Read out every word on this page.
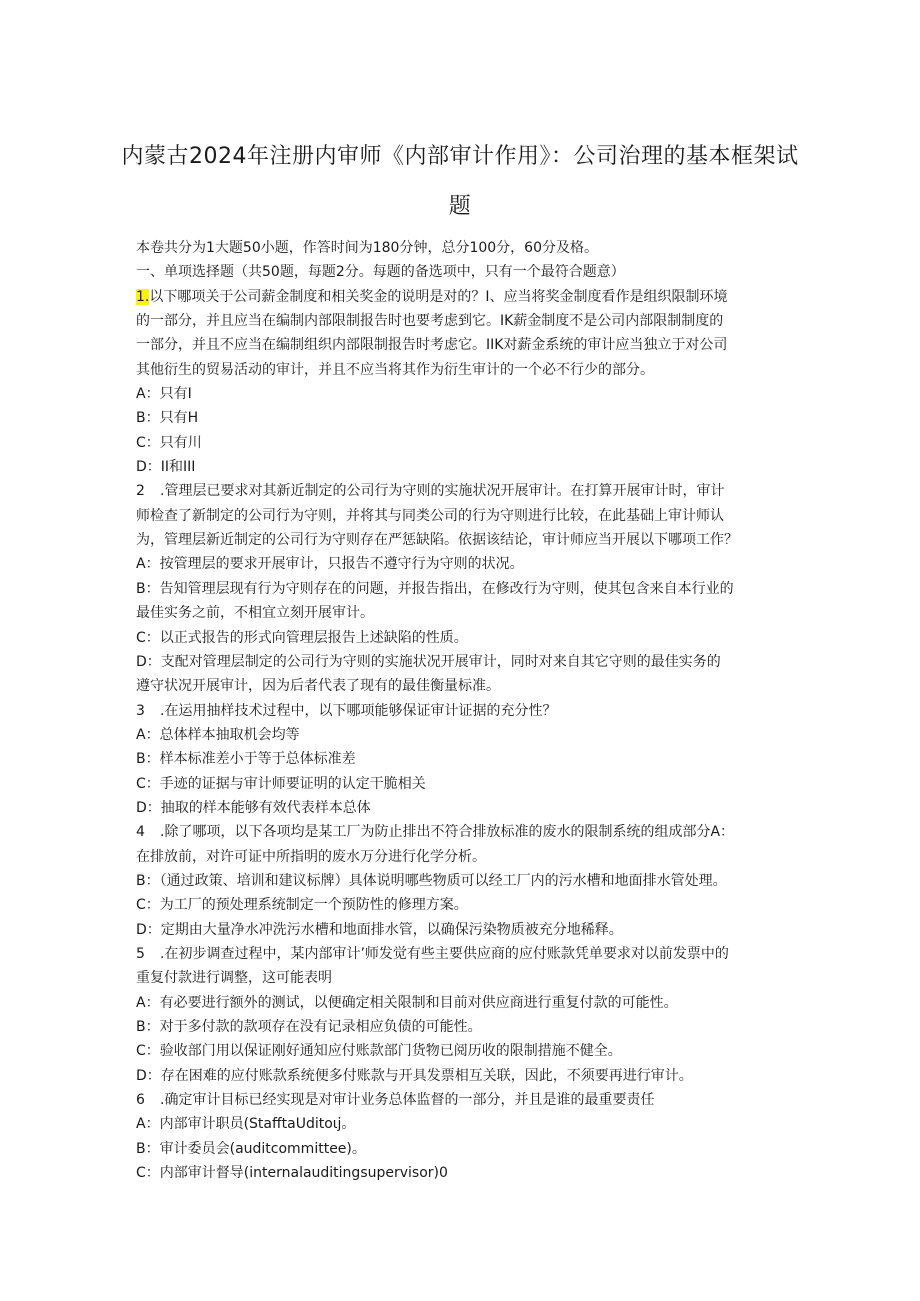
内蒙古2024年注册内审师《内部审计作用》：公司治理的基本框架试
题
本卷共分为1大题50小题，作答时间为180分钟，总分100分，60分及格。
一、单项选择题（共50题，每题2分。每题的备选项中，只有一个最符合题意）
1.以下哪项关于公司薪金制度和相关奖金的说明是对的？I、应当将奖金制度看作是组织限制环境
的一部分，并且应当在编制内部限制报告时也要考虑到它。IK薪金制度不是公司内部限制制度的
一部分，并且不应当在编制组织内部限制报告时考虑它。IIK对薪金系统的审计应当独立于对公司
其他衍生的贸易活动的审计，并且不应当将其作为衍生审计的一个必不行少的部分。
A：只有I
B：只有H
C：只有川
D：II和III
2 .管理层已要求对其新近制定的公司行为守则的实施状况开展审计。在打算开展审计时，审计
师检查了新制定的公司行为守则，并将其与同类公司的行为守则进行比较，在此基础上审计师认
为，管理层新近制定的公司行为守则存在严惩缺陷。依据该结论，审计师应当开展以下哪项工作？
A：按管理层的要求开展审计，只报告不遵守行为守则的状况。
B：告知管理层现有行为守则存在的问题，并报告指出，在修改行为守则，使其包含来自本行业的
最佳实务之前，不相宜立刻开展审计。
C：以正式报告的形式向管理层报告上述缺陷的性质。
D：支配对管理层制定的公司行为守则的实施状况开展审计，同时对来自其它守则的最佳实务的
遵守状况开展审计，因为后者代表了现有的最佳衡量标准。
3 .在运用抽样技术过程中，以下哪项能够保证审计证据的充分性？
A：总体样本抽取机会均等
B：样本标准差小于等于总体标准差
C：手迹的证据与审计师要证明的认定干脆相关
D：抽取的样本能够有效代表样本总体
4 .除了哪项，以下各项均是某工厂为防止排出不符合排放标准的废水的限制系统的组成部分A：
在排放前，对许可证中所指明的废水万分进行化学分析。
B：（通过政策、培训和建议标牌）具体说明哪些物质可以经工厂内的污水槽和地面排水管处理。
C：为工厂的预处理系统制定一个预防性的修理方案。
D：定期由大量净水冲洗污水槽和地面排水管，以确保污染物质被充分地稀释。
5 .在初步调查过程中，某内部审计’师发觉有些主要供应商的应付账款凭单要求对以前发票中的
重复付款进行调整，这可能表明
A：有必要进行额外的测试，以便确定相关限制和目前对供应商进行重复付款的可能性。
B：对于多付款的款项存在没有记录相应负债的可能性。
C：验收部门用以保证刚好通知应付账款部门货物已阅历收的限制措施不健全。
D：存在困难的应付账款系统便多付账款与开具发票相互关联，因此，不须要再进行审计。
6 .确定审计目标已经实现是对审计业务总体监督的一部分，并且是谁的最重要责任
A：内部审计职员(StafftaUditoιj。
B：审计委员会(auditcommittee)。
C：内部审计督导(internalauditingsupervisor)0
